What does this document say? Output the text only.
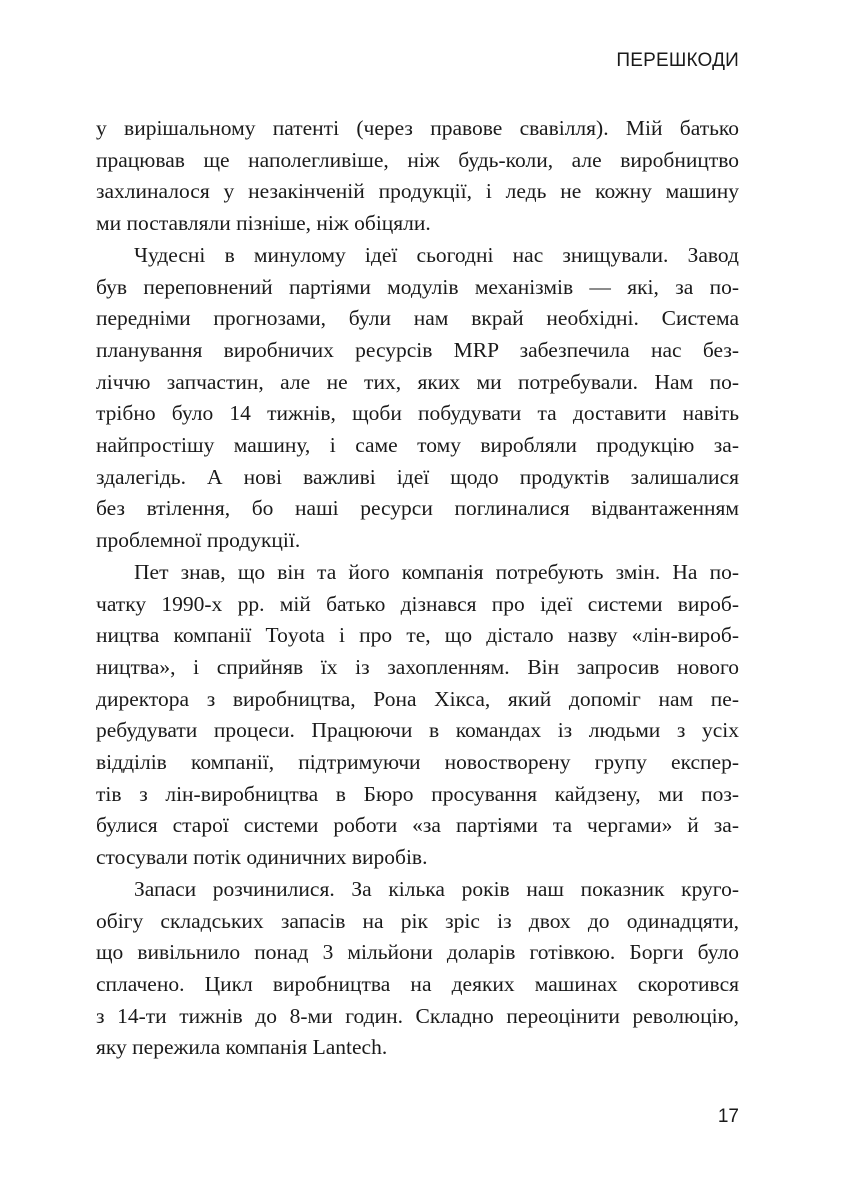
ПЕРЕШКОДИ

у вирішальному патенті (через правове свавілля). Мій батько
працював ще наполегливіше, ніж будь-коли, але виробництво
захлиналося у незакінченій продукції, і ледь не кожну машину
ми поставляли пізніше, ніж обіцяли.

Чудесні в минулому ідеї сьогодні нас знищували. Завод
був переповнений партіями модулів механізмів — які, за по-
передніми прогнозами, були нам вкрай необхідні. Система
планування виробничих ресурсів MRP забезпечила нас без-
ліччю запчастин, але не тих, яких ми потребували. Нам по-
трібно було 14 тижнів, щоби побудувати та доставити навіть
найпростішу машину, і саме тому виробляли продукцію за-
здалегідь. А нові важливі ідеї щодо продуктів залишалися
без втілення, бо наші ресурси поглиналися відвантаженням
проблемної продукції.

Пет знав, що він та його компанія потребують змін. На по-
чатку 1990-х рр. мій батько дізнався про ідеї системи вироб-
ництва компанії Toyota і про те, що дістало назву «лін-вироб-
ництва», і сприйняв їх із захопленням. Він запросив нового
директора з виробництва, Рона Хікса, який допоміг нам пе-
ребудувати процеси. Працюючи в командах із людьми з усіх
відділів компанії, підтримуючи новостворену групу експер-
тів з лін-виробництва в Бюро просування кайдзену, ми поз-
булися старої системи роботи «за партіями та чергами» й за-
стосували потік одиничних виробів.

Запаси розчинилися. За кілька років наш показник круго-
обігу складських запасів на рік зріс із двох до одинадцяти,
що вивільнило понад 3 мільйони доларів готівкою. Борги було
сплачено. Цикл виробництва на деяких машинах скоротився
з 14-ти тижнів до 8-ми годин. Складно переоцінити революцію,
яку пережила компанія Lantech.

17
